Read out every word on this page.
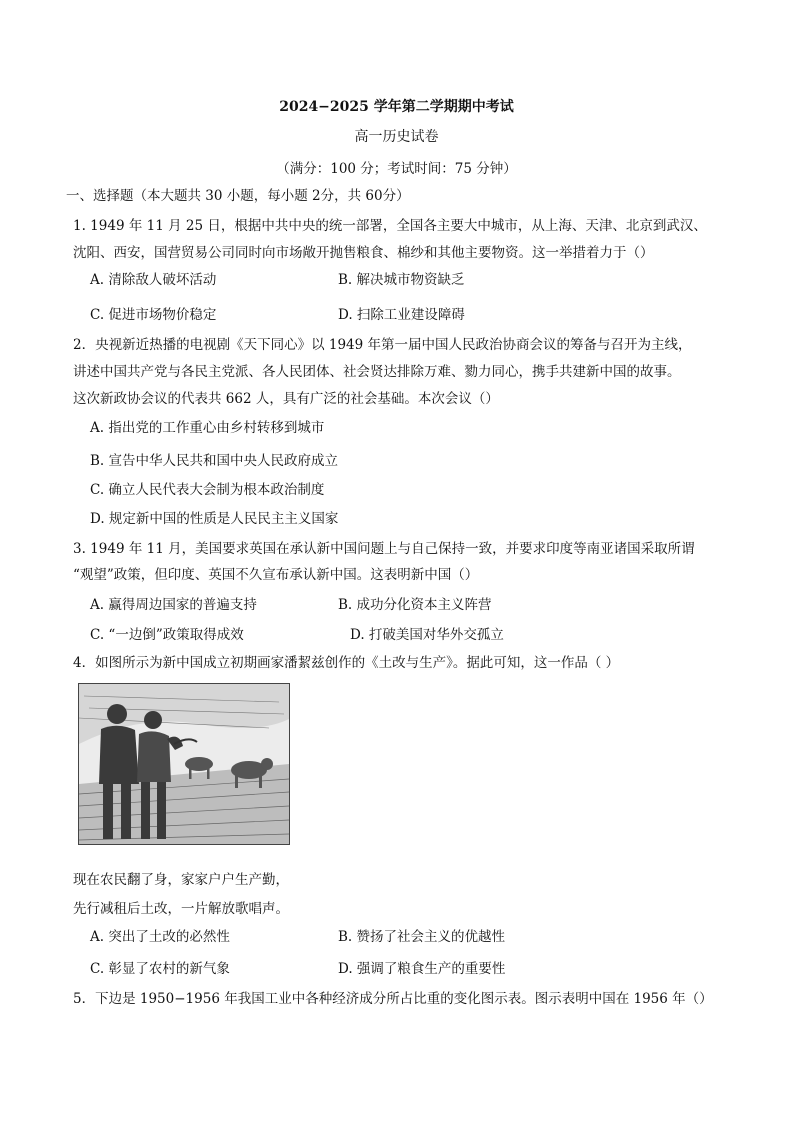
2024−2025 学年第二学期期中考试
高一历史试卷
（满分：100 分；考试时间：75 分钟）
一、选择题（本大题共 30 小题，每小题 2分，共 60分）
1. 1949 年 11 月 25 日，根据中共中央的统一部署，全国各主要大中城市，从上海、天津、北京到武汉、
沈阳、西安，国营贸易公司同时向市场敞开抛售粮食、棉纱和其他主要物资。这一举措着力于（）
A. 清除敌人破坏活动	B. 解决城市物资缺乏
C. 促进市场物价稳定	D. 扫除工业建设障碍
2．央视新近热播的电视剧《天下同心》以 1949 年第一届中国人民政治协商会议的筹备与召开为主线，
讲述中国共产党与各民主党派、各人民团体、社会贤达排除万难、勠力同心，携手共建新中国的故事。
这次新政协会议的代表共 662 人，具有广泛的社会基础。本次会议（）
A. 指出党的工作重心由乡村转移到城市
B. 宣告中华人民共和国中央人民政府成立
C. 确立人民代表大会制为根本政治制度
D. 规定新中国的性质是人民民主主义国家
3. 1949 年 11 月，美国要求英国在承认新中国问题上与自己保持一致，并要求印度等南亚诸国采取所谓
“观望”政策，但印度、英国不久宣布承认新中国。这表明新中国（）
A. 赢得周边国家的普遍支持	B. 成功分化资本主义阵营
C. “一边倒”政策取得成效	D. 打破美国对华外交孤立
4．如图所示为新中国成立初期画家潘絜兹创作的《土改与生产》。据此可知，这一作品（ ）
现在农民翻了身，家家户户生产勤，
先行减租后土改，一片解放歌唱声。
A. 突出了土改的必然性	B. 赞扬了社会主义的优越性
C. 彰显了农村的新气象	D. 强调了粮食生产的重要性
5．下边是 1950−1956 年我国工业中各种经济成分所占比重的变化图示表。图示表明中国在 1956 年（）
